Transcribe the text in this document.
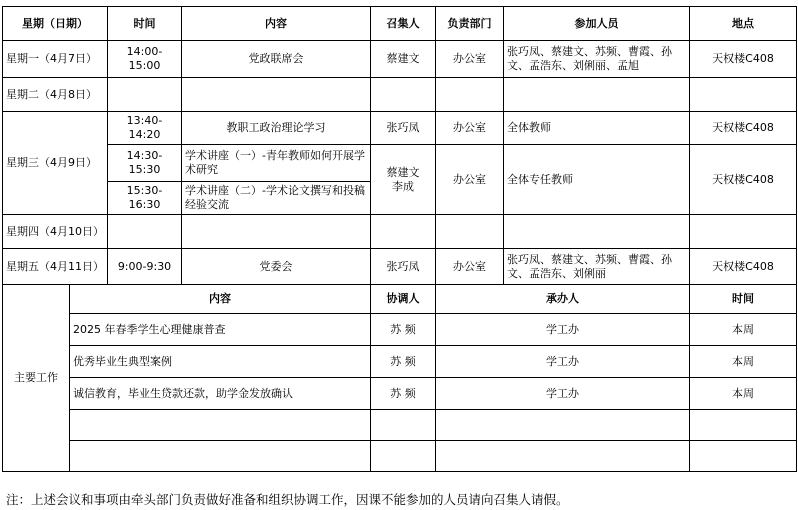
星期（日期）		时间	内容	召集人	负责部门	参加人员	地点
星期一（4月7日）		14:00-15:00	党政联席会	蔡建文	办公室	张巧凤、蔡建文、苏频、曹霞、孙文、孟浩东、刘俐丽、孟旭	天权楼C408
星期二（4月8日）							
星期三（4月9日）		13:40-14:20	教职工政治理论学习	张巧凤	办公室	全体教师	天权楼C408
		14:30-15:30	学术讲座（一）-青年教师如何开展学术研究	蔡建文 李成	办公室	全体专任教师	天权楼C408
		15:30-16:30	学术讲座（二）-学术论文撰写和投稿经验交流				
星期四（4月10日）							
星期五（4月11日）		9:00-9:30	党委会	张巧凤	办公室	张巧凤、蔡建文、苏频、曹霞、孙文、孟浩东、刘俐丽	天权楼C408
主要工作	内容			协调人	承办人		时间
	2025 年春季学生心理健康普查			苏 频	学工办		本周
	优秀毕业生典型案例			苏 频	学工办		本周
	诚信教育，毕业生贷款还款，助学金发放确认			苏 频	学工办		本周

注：上述会议和事项由牵头部门负责做好准备和组织协调工作，因课不能参加的人员请向召集人请假。
